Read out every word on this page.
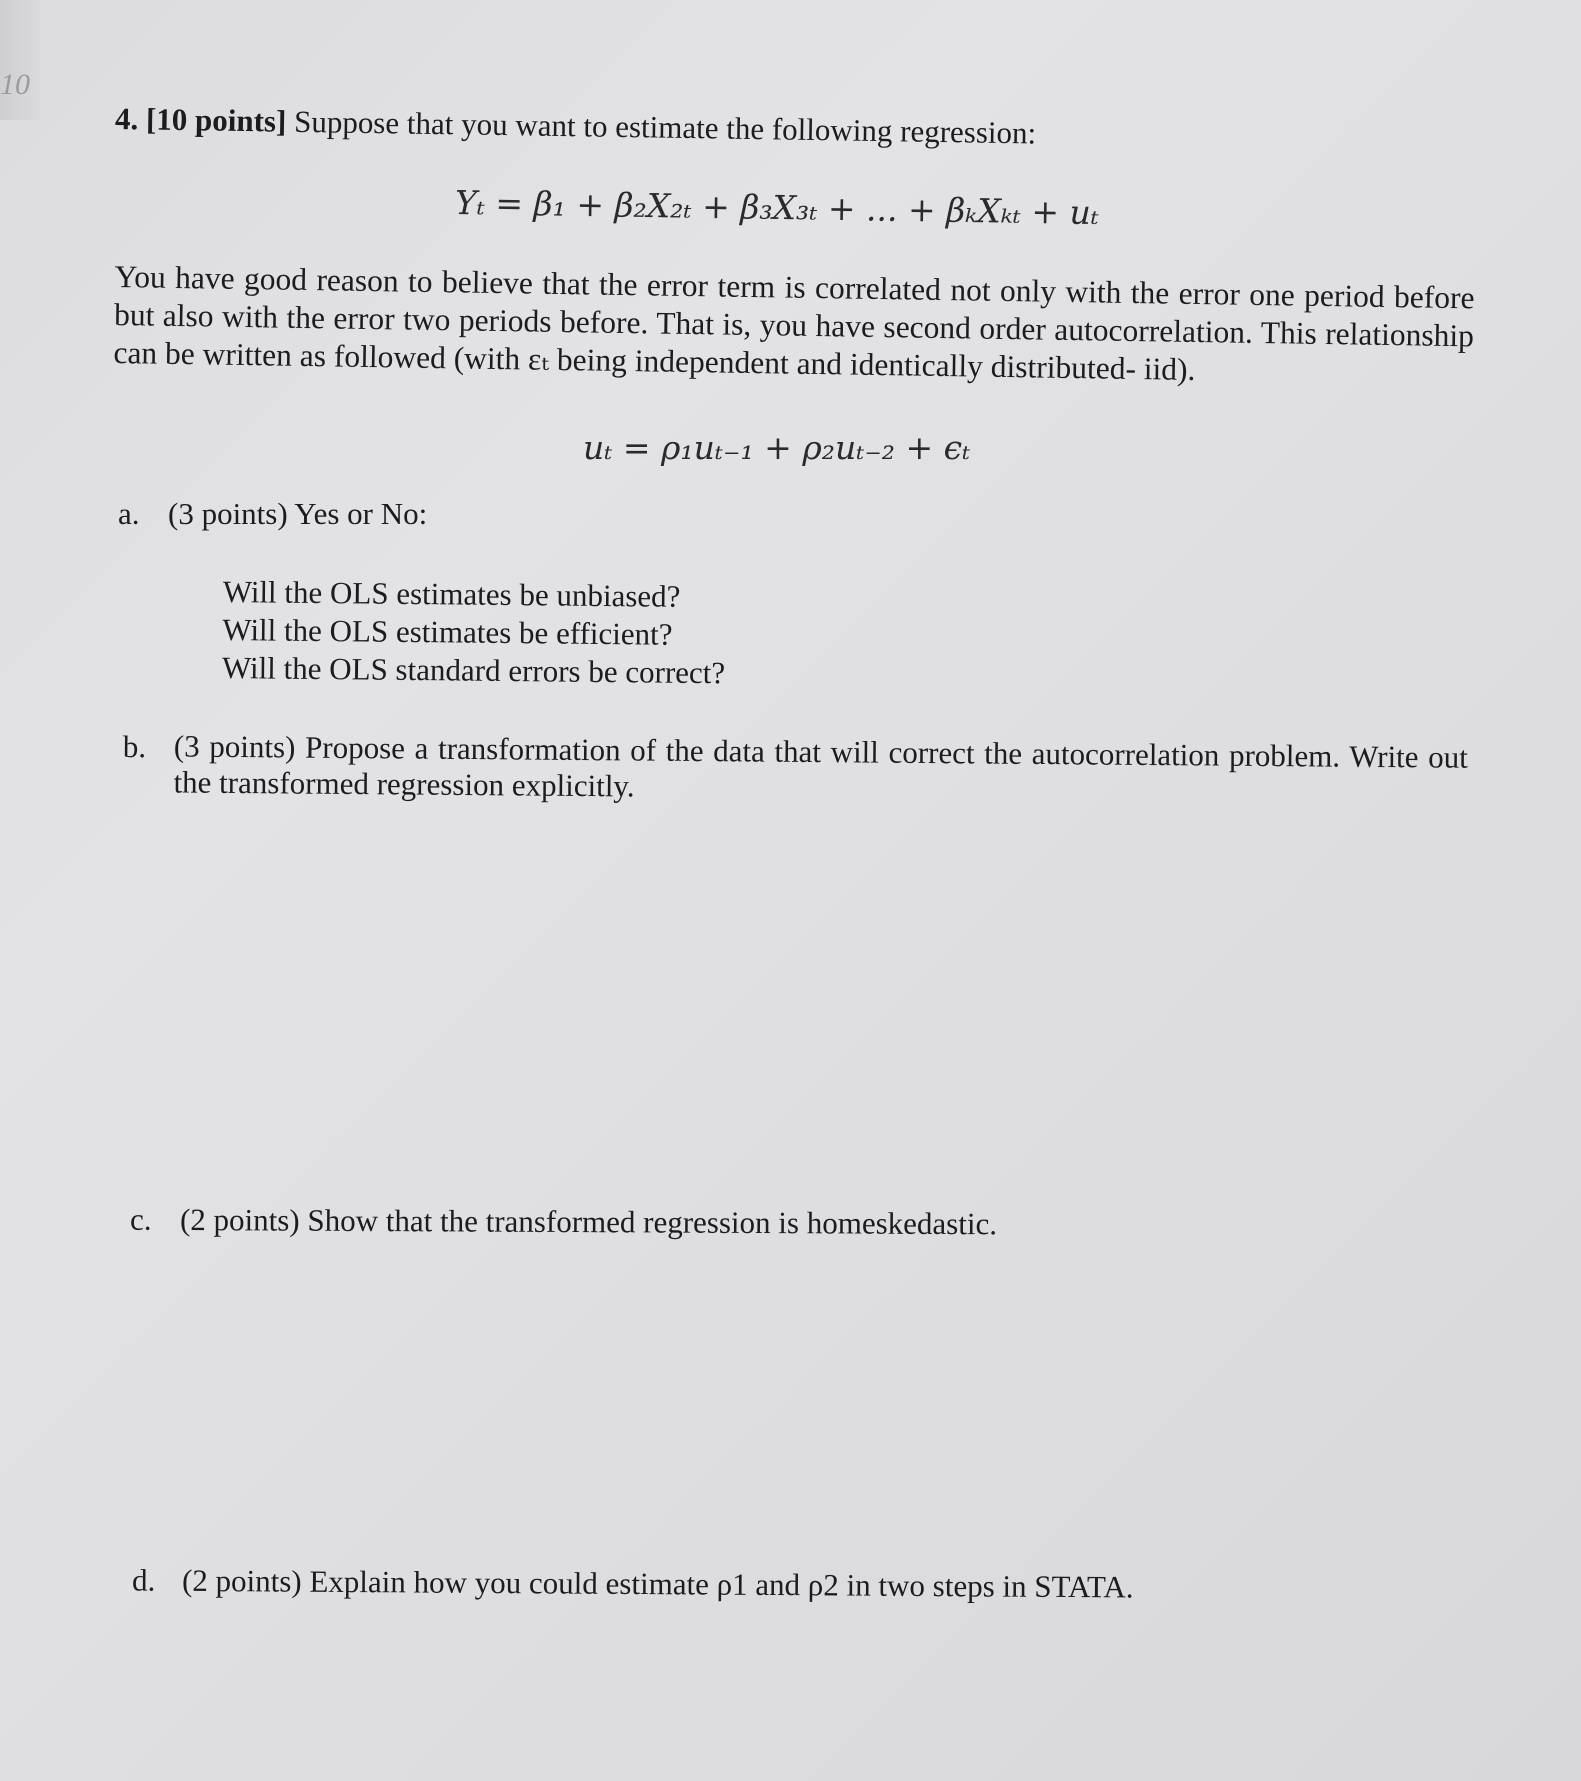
10
4. [10 points] Suppose that you want to estimate the following regression:
Yₜ = β₁ + β₂X₂ₜ + β₃X₃ₜ + ... + βₖXₖₜ + uₜ

You have good reason to believe that the error term is correlated not only with the error one period before but also with the error two periods before. That is, you have second order autocorrelation. This relationship can be written as followed (with εₜ being independent and identically distributed- iid).

uₜ = ρ₁uₜ₋₁ + ρ₂uₜ₋₂ + ϵₜ
a. (3 points) Yes or No:
Will the OLS estimates be unbiased?
Will the OLS estimates be efficient?
Will the OLS standard errors be correct?
b. (3 points) Propose a transformation of the data that will correct the autocorrelation problem. Write out the transformed regression explicitly.
c. (2 points) Show that the transformed regression is homeskedastic.
d. (2 points) Explain how you could estimate ρ1 and ρ2 in two steps in STATA.
